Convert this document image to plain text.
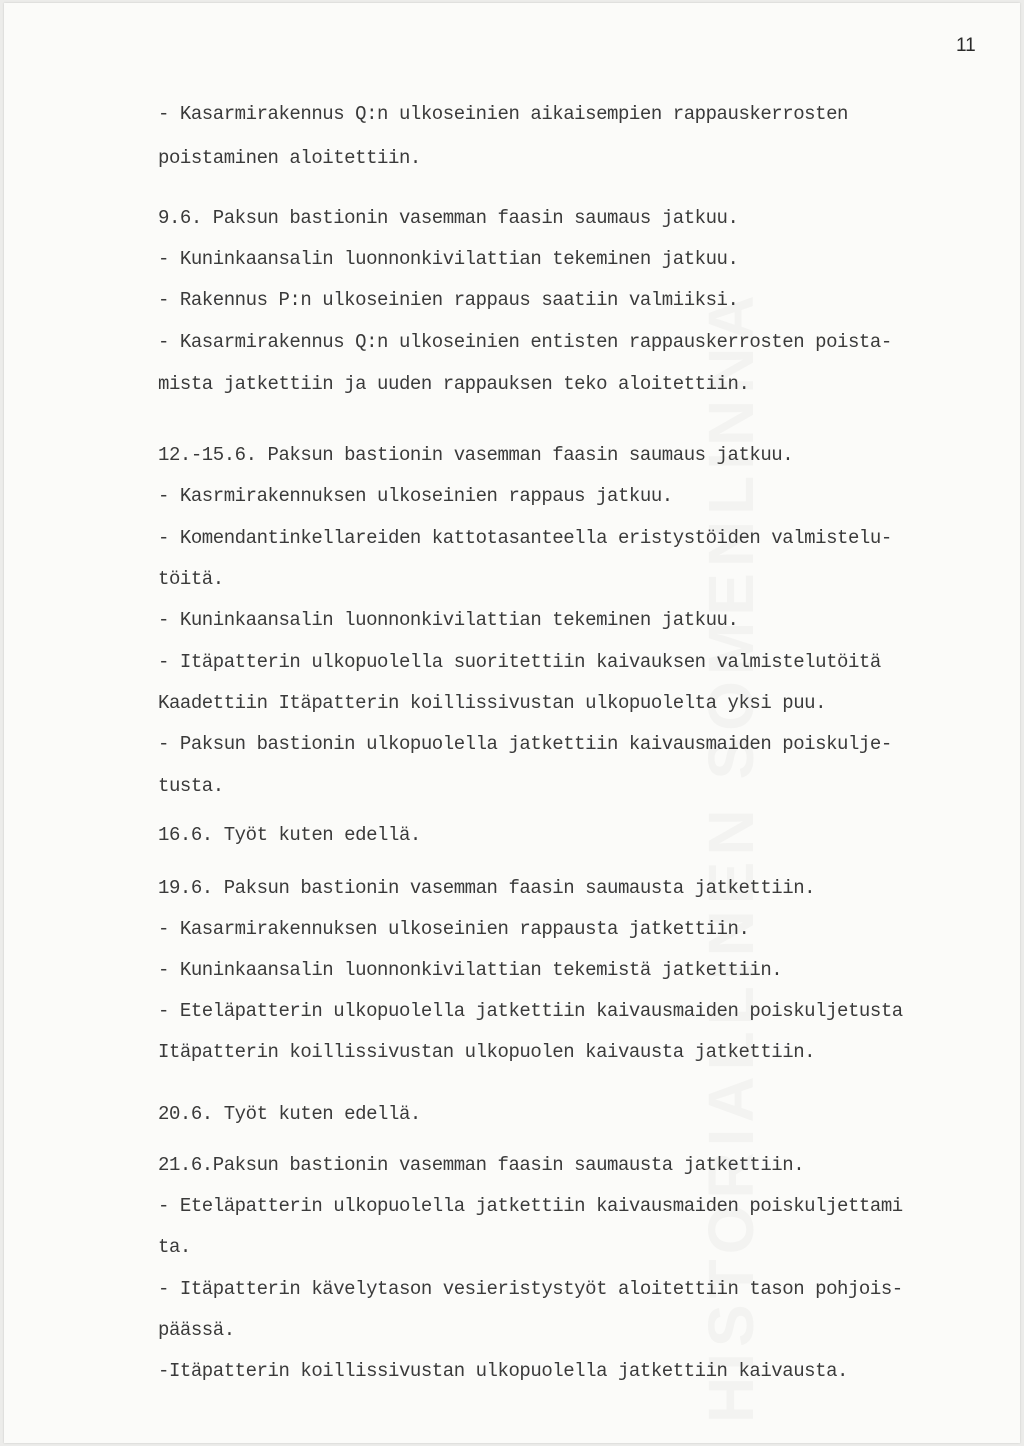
HISTORIALLINEN SOMENLINNA
11

- Kasarmirakennus Q:n ulkoseinien aikaisempien rappauskerrosten

poistaminen aloitettiin.

9.6. Paksun bastionin vasemman faasin saumaus jatkuu.

- Kuninkaansalin luonnonkivilattian tekeminen jatkuu.

- Rakennus P:n ulkoseinien rappaus saatiin valmiiksi.

- Kasarmirakennus Q:n ulkoseinien entisten rappauskerrosten poista-

mista jatkettiin ja uuden rappauksen teko aloitettiin.

12.-15.6. Paksun bastionin vasemman faasin saumaus jatkuu.

- Kasrmirakennuksen ulkoseinien rappaus jatkuu.

- Komendantinkellareiden kattotasanteella eristystöiden valmistelu-

töitä.

- Kuninkaansalin luonnonkivilattian tekeminen jatkuu.

- Itäpatterin ulkopuolella suoritettiin kaivauksen valmistelutöitä

Kaadettiin Itäpatterin koillissivustan ulkopuolelta yksi puu.

- Paksun bastionin ulkopuolella jatkettiin kaivausmaiden poiskulje-

tusta.

16.6. Työt kuten edellä.

19.6. Paksun bastionin vasemman faasin saumausta jatkettiin.

- Kasarmirakennuksen ulkoseinien rappausta jatkettiin.

- Kuninkaansalin luonnonkivilattian tekemistä jatkettiin.

- Eteläpatterin ulkopuolella jatkettiin kaivausmaiden poiskuljetusta

Itäpatterin koillissivustan ulkopuolen kaivausta jatkettiin.

20.6. Työt kuten edellä.

21.6.Paksun bastionin vasemman faasin saumausta jatkettiin.

- Eteläpatterin ulkopuolella jatkettiin kaivausmaiden poiskuljettami

ta.

- Itäpatterin kävelytason vesieristystyöt aloitettiin tason pohjois-

päässä.

-Itäpatterin koillissivustan ulkopuolella jatkettiin kaivausta.
